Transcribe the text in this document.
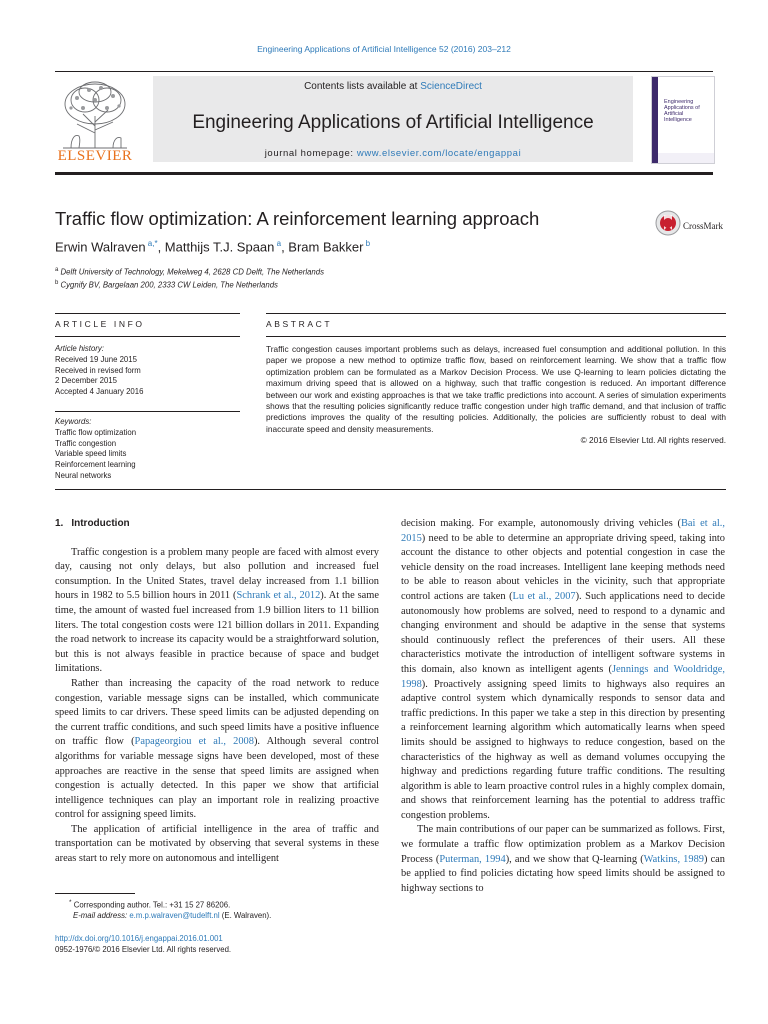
Engineering Applications of Artificial Intelligence 52 (2016) 203–212
ELSEVIER
Contents lists available at ScienceDirect
Engineering Applications of Artificial Intelligence
journal homepage: www.elsevier.com/locate/engappai
Engineering Applications of Artificial Intelligence
Traffic flow optimization: A reinforcement learning approach	CrossMark
Erwin Walraven $^{a,*}$, Matthijs T.J. Spaan $^a$, Bram Bakker $^b$
$^a$ Delft University of Technology, Mekelweg 4, 2628 CD Delft, The Netherlands
$^b$ Cygnify BV, Bargelaan 200, 2333 CW Leiden, The Netherlands
ARTICLE INFO	ABSTRACT
Article history:
Received 19 June 2015
Received in revised form
2 December 2015
Accepted 4 January 2016
Keywords:
Traffic flow optimization
Traffic congestion
Variable speed limits
Reinforcement learning
Neural networks
Traffic congestion causes important problems such as delays, increased fuel consumption and additional pollution. In this paper we propose a new method to optimize traffic flow, based on reinforcement learning. We show that a traffic flow optimization problem can be formulated as a Markov Decision Process. We use Q-learning to learn policies dictating the maximum driving speed that is allowed on a highway, such that traffic congestion is reduced. An important difference between our work and existing approaches is that we take traffic predictions into account. A series of simulation experiments shows that the resulting policies significantly reduce traffic congestion under high traffic demand, and that inclusion of traffic predictions improves the quality of the resulting policies. Additionally, the policies are sufficiently robust to deal with inaccurate speed and density measurements.
© 2016 Elsevier Ltd. All rights reserved.
1. Introduction

Traffic congestion is a problem many people are faced with almost every day, causing not only delays, but also pollution and increased fuel consumption. In the United States, travel delay increased from 1.1 billion hours in 1982 to 5.5 billion hours in 2011 (Schrank et al., 2012). At the same time, the amount of wasted fuel increased from 1.9 billion liters to 11 billion liters. The total congestion costs were 121 billion dollars in 2011. Expanding the road network to increase its capacity would be a straightforward solution, but this is not always feasible in practice because of space and budget limitations.

Rather than increasing the capacity of the road network to reduce congestion, variable message signs can be installed, which communicate speed limits to car drivers. These speed limits can be adjusted depending on the current traffic conditions, and such speed limits have a positive influence on traffic flow (Papageorgiou et al., 2008). Although several control algorithms for variable message signs have been developed, most of these approaches are reactive in the sense that speed limits are assigned when congestion is actually detected. In this paper we show that artificial intelligence techniques can play an important role in realizing proactive control for assigning speed limits.

The application of artificial intelligence in the area of traffic and transportation can be motivated by observing that several systems in these areas start to rely more on autonomous and intelligent

decision making. For example, autonomously driving vehicles (Bai et al., 2015) need to be able to determine an appropriate driving speed, taking into account the distance to other objects and potential congestion in case the vehicle density on the road increases. Intelligent lane keeping methods need to be able to reason about vehicles in the vicinity, such that appropriate control actions are taken (Lu et al., 2007). Such applications need to decide autonomously how problems are solved, need to respond to a dynamic and changing environment and should be adaptive in the sense that systems should continuously reflect the preferences of their users. All these characteristics motivate the introduction of intelligent software systems in this domain, also known as intelligent agents (Jennings and Wooldridge, 1998). Proactively assigning speed limits to highways also requires an adaptive control system which dynamically responds to sensor data and traffic predictions. In this paper we take a step in this direction by presenting a reinforcement learning algorithm which automatically learns when speed limits should be assigned to highways to reduce congestion, based on the characteristics of the highway as well as demand volumes occupying the highway and predictions regarding future traffic conditions. The resulting algorithm is able to learn proactive control rules in a highly complex domain, and shows that reinforcement learning has the potential to address traffic congestion problems.

The main contributions of our paper can be summarized as follows. First, we formulate a traffic flow optimization problem as a Markov Decision Process (Puterman, 1994), and we show that Q-learning (Watkins, 1989) can be applied to find policies dictating how speed limits should be assigned to highway sections to

* Corresponding author. Tel.: +31 15 27 86206.
E-mail address: e.m.p.walraven@tudelft.nl (E. Walraven).
http://dx.doi.org/10.1016/j.engappai.2016.01.001
0952-1976/© 2016 Elsevier Ltd. All rights reserved.
